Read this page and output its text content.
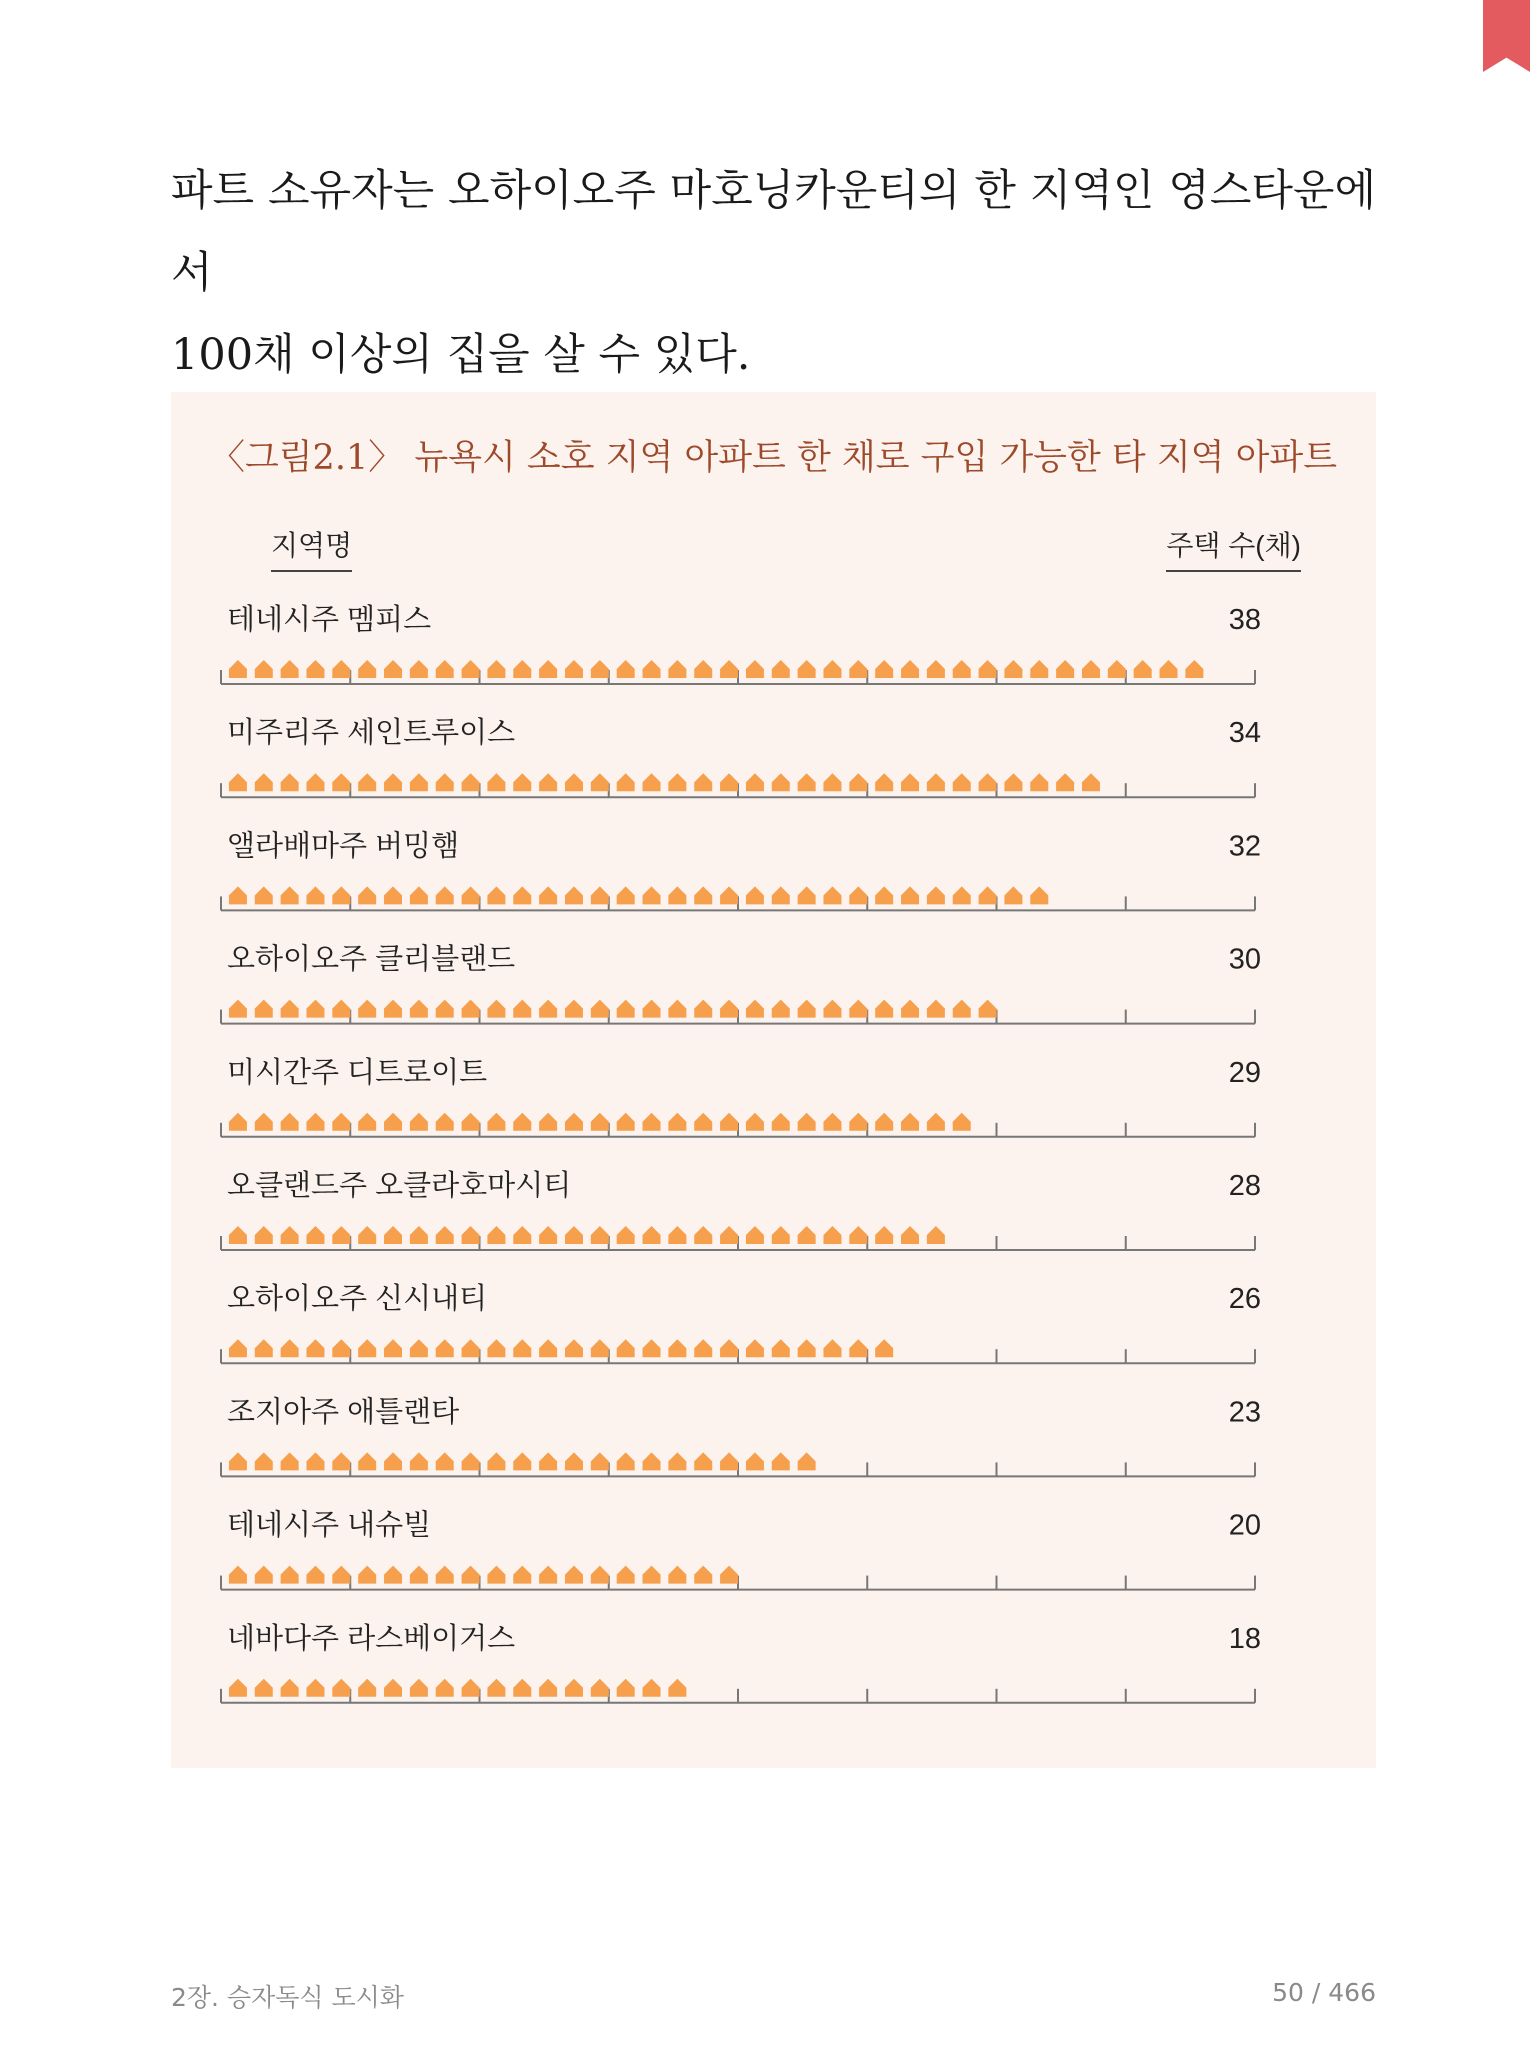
파트 소유자는 오하이오주 마호닝카운티의 한 지역인 영스타운에서

100채 이상의 집을 살 수 있다.

〈그림2.1〉 뉴욕시 소호 지역 아파트 한 채로 구입 가능한 타 지역 아파트
지역명	주택 수(채)
테네시주 멤피스	38
미주리주 세인트루이스	34
앨라배마주 버밍햄	32
오하이오주 클리블랜드	30
미시간주 디트로이트	29
오클랜드주 오클라호마시티	28
오하이오주 신시내티	26
조지아주 애틀랜타	23
테네시주 내슈빌	20
네바다주 라스베이거스	18
2장. 승자독식 도시화	50 / 466
